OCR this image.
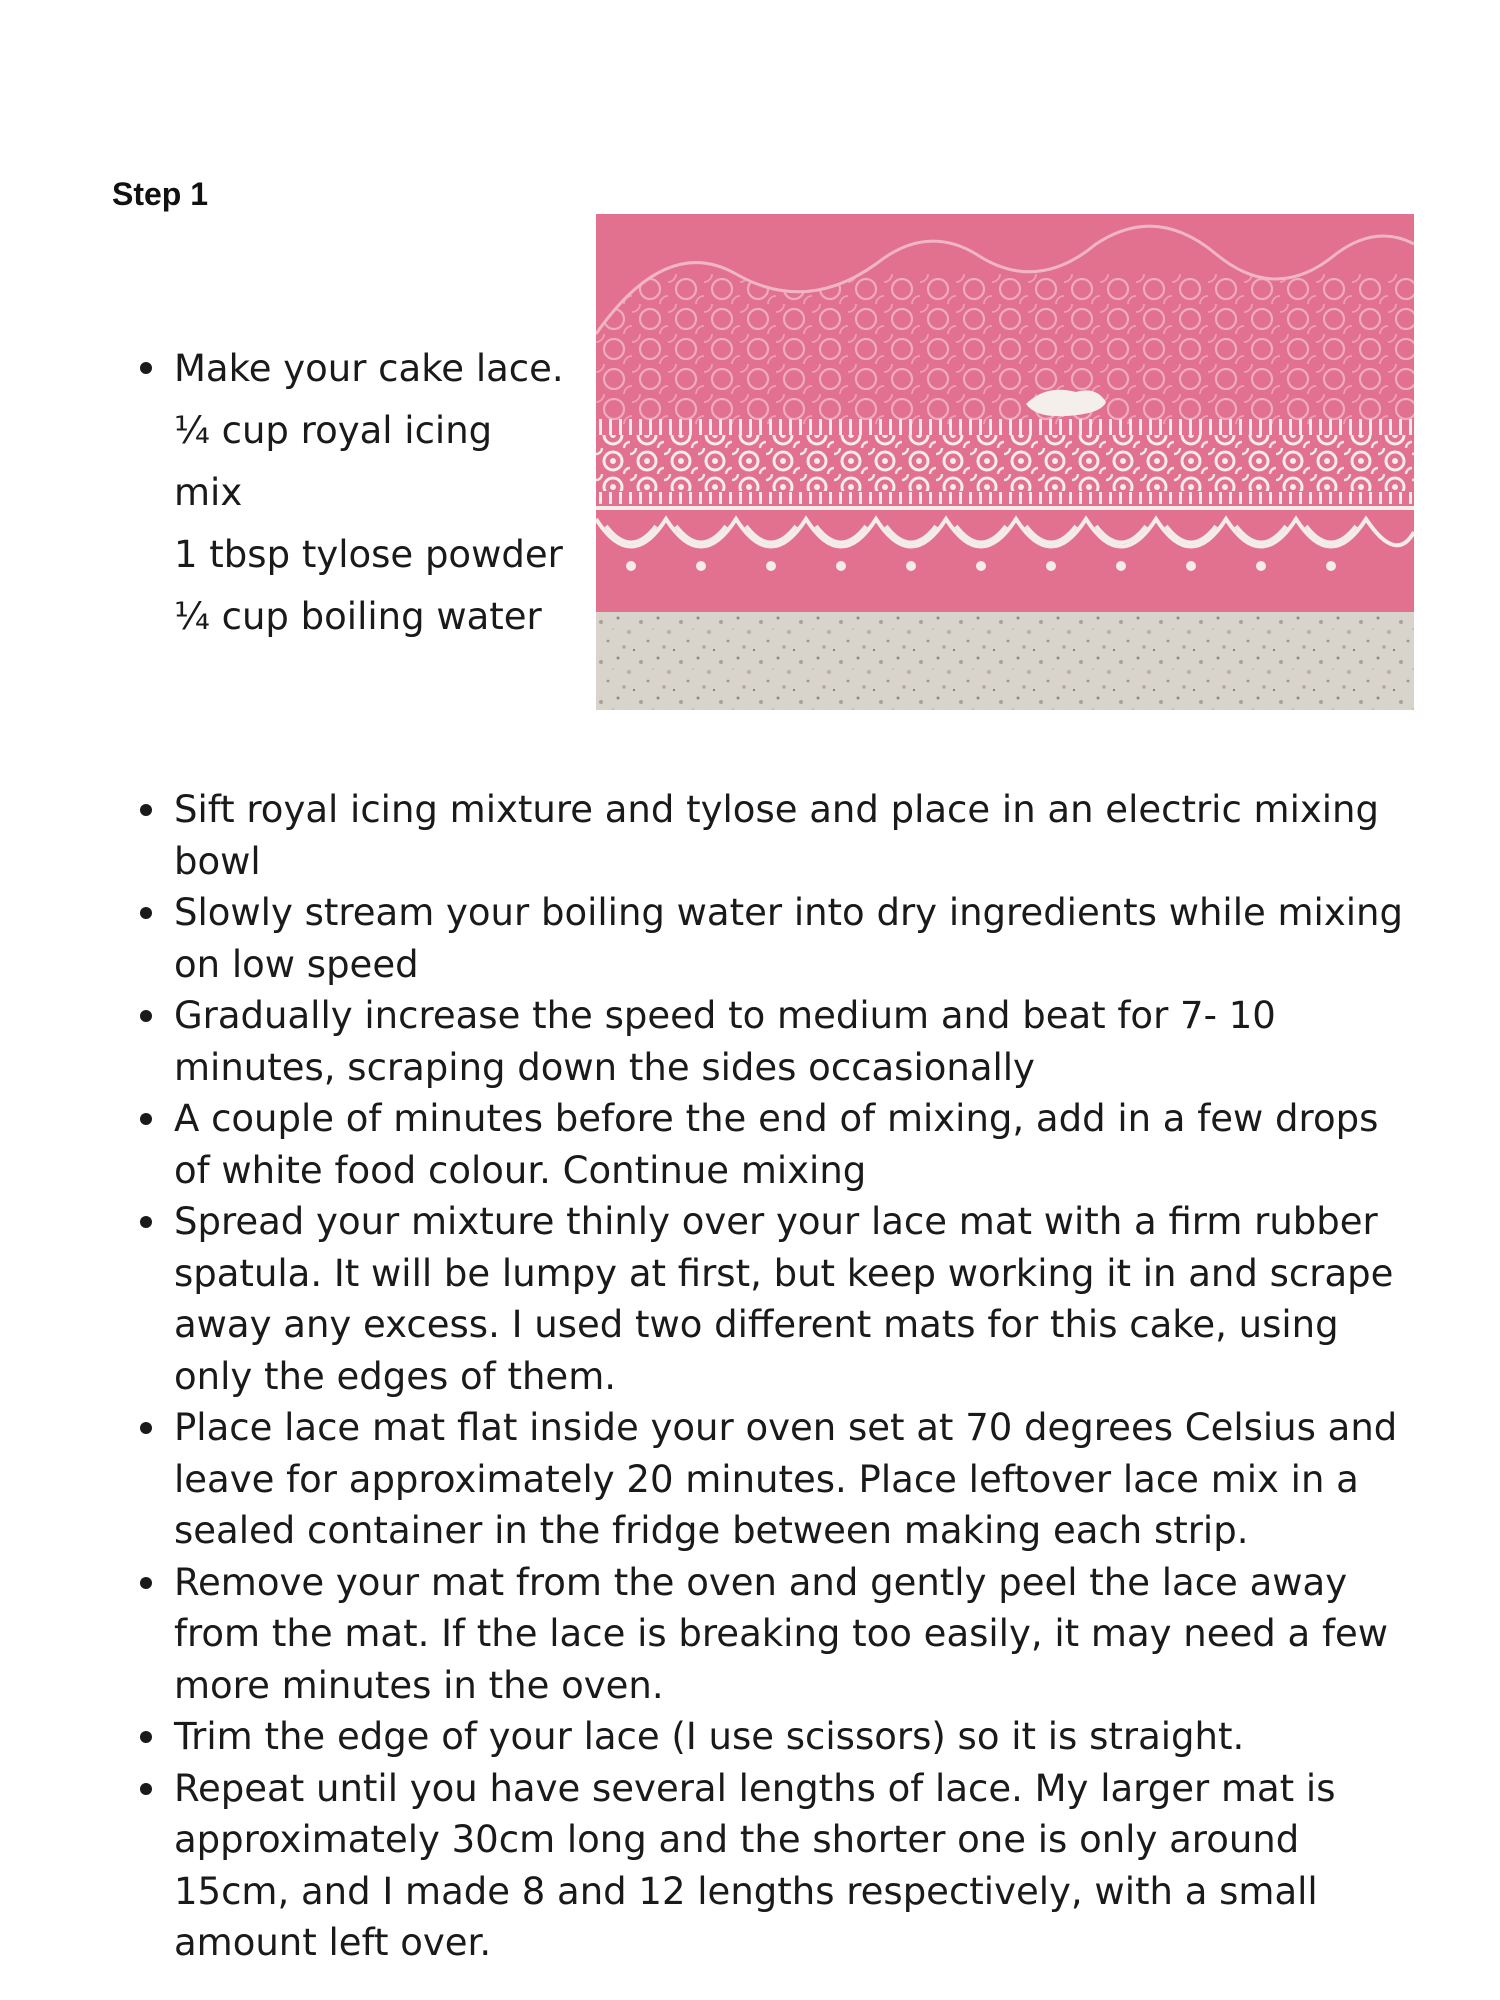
Step 1
Make your cake lace.
¼ cup royal icing mix
1 tbsp tylose powder
¼ cup boiling water
Sift royal icing mixture and tylose and place in an electric mixing bowl
Slowly stream your boiling water into dry ingredients while mixing on low speed
Gradually increase the speed to medium and beat for 7- 10 minutes, scraping down the sides occasionally
A couple of minutes before the end of mixing, add in a few drops of white food colour. Continue mixing
Spread your mixture thinly over your lace mat with a firm rubber spatula. It will be lumpy at first, but keep working it in and scrape away any excess. I used two different mats for this cake, using only the edges of them.
Place lace mat flat inside your oven set at 70 degrees Celsius and leave for approximately 20 minutes. Place leftover lace mix in a sealed container in the fridge between making each strip.
Remove your mat from the oven and gently peel the lace away from the mat. If the lace is breaking too easily, it may need a few more minutes in the oven.
Trim the edge of your lace (I use scissors) so it is straight.
Repeat until you have several lengths of lace. My larger mat is approximately 30cm long and the shorter one is only around 15cm, and I made 8 and 12 lengths respectively, with a small amount left over.
